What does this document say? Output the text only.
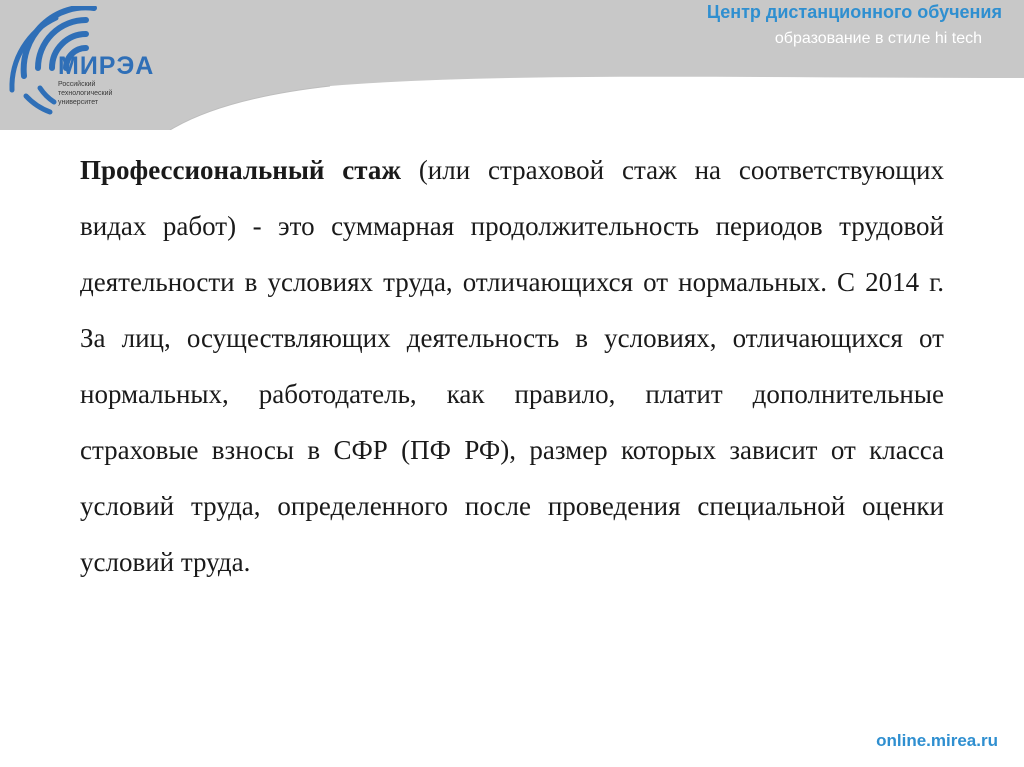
МИРЭА
Российский технологический университет
Центр дистанционного обучения
образование в стиле hi tech

Профессиональный стаж (или страховой стаж на соответствующих видах работ) - это суммарная продолжительность периодов трудовой деятельности в условиях труда, отличающихся от нормальных. С 2014 г. За лиц, осуществляющих деятельность в условиях, отличающихся от нормальных, работодатель, как правило, платит дополнительные страховые взносы в СФР (ПФ РФ), размер которых зависит от класса условий труда, определенного после проведения специальной оценки условий труда.

online.mirea.ru
